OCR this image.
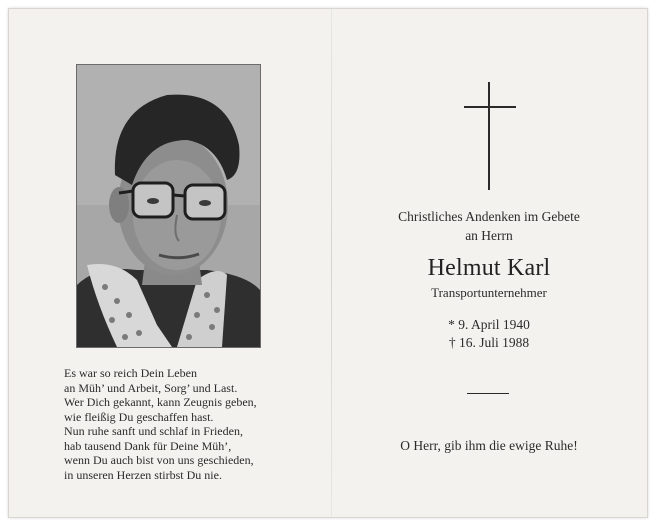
Es war so reich Dein Leben
an Müh’ und Arbeit, Sorg’ und Last.
Wer Dich gekannt, kann Zeugnis geben,
wie fleißig Du geschaffen hast.
Nun ruhe sanft und schlaf in Frieden,
hab tausend Dank für Deine Müh’,
wenn Du auch bist von uns geschieden,
in unseren Herzen stirbst Du nie.
Christliches Andenken im Gebete
an Herrn
Helmut Karl
Transportunternehmer
* 9. April 1940
† 16. Juli 1988
O Herr, gib ihm die ewige Ruhe!
